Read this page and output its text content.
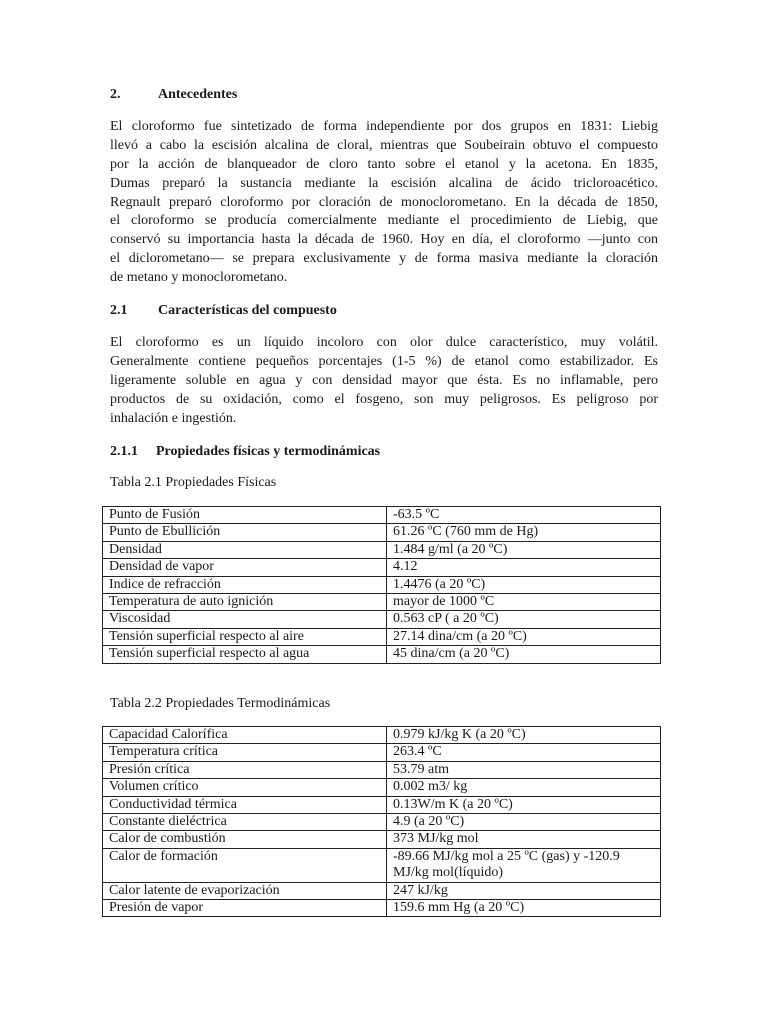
2.	Antecedentes
El cloroformo fue sintetizado de forma independiente por dos grupos en 1831: Liebig
llevó a cabo la escisión alcalina de cloral, mientras que Soubeirain obtuvo el compuesto
por la acción de blanqueador de cloro tanto sobre el etanol y la acetona. En 1835,
Dumas preparó la sustancia mediante la escisión alcalina de ácido tricloroacético.
Regnault preparó cloroformo por cloración de monoclorometano. En la década de 1850,
el cloroformo se producía comercialmente mediante el procedimiento de Liebig, que
conservó su importancia hasta la década de 1960. Hoy en día, el cloroformo —junto con
el diclorometano— se prepara exclusivamente y de forma masiva mediante la cloración
de metano y monoclorometano.
2.1	Características del compuesto
El cloroformo es un líquido incoloro con olor dulce característico, muy volátil.
Generalmente contiene pequeños porcentajes (1-5 %) de etanol como estabilizador. Es
ligeramente soluble en agua y con densidad mayor que ésta. Es no inflamable, pero
productos de su oxidación, como el fosgeno, son muy peligrosos. Es peligroso por
inhalación e ingestión.
2.1.1	Propiedades físicas y termodinámicas
Tabla 2.1 Propiedades Físicas
Punto de Fusión	-63.5 ºC
Punto de Ebullición	61.26 ºC (760 mm de Hg)
Densidad	1.484 g/ml (a 20 ºC)
Densidad de vapor	4.12
Indice de refracción	1.4476 (a 20 ºC)
Temperatura de auto ignición	mayor de 1000 ºC
Viscosidad	0.563 cP ( a 20 ºC)
Tensión superficial respecto al aire	27.14 dina/cm (a 20 ºC)
Tensión superficial respecto al agua	45 dina/cm (a 20 ºC)
Tabla 2.2 Propiedades Termodinámicas
Capacidad Calorífica	0.979 kJ/kg K (a 20 ºC)
Temperatura crítica	263.4 ºC
Presión crítica	53.79 atm
Volumen crítico	0.002 m3/ kg
Conductividad térmica	0.13W/m K (a 20 ºC)
Constante dieléctrica	4.9 (a 20 ºC)
Calor de combustión	373 MJ/kg mol
Calor de formación	-89.66 MJ/kg mol a 25 ºC (gas) y -120.9
MJ/kg mol(líquido)
Calor latente de evaporización	247 kJ/kg
Presión de vapor	159.6 mm Hg (a 20 ºC)
